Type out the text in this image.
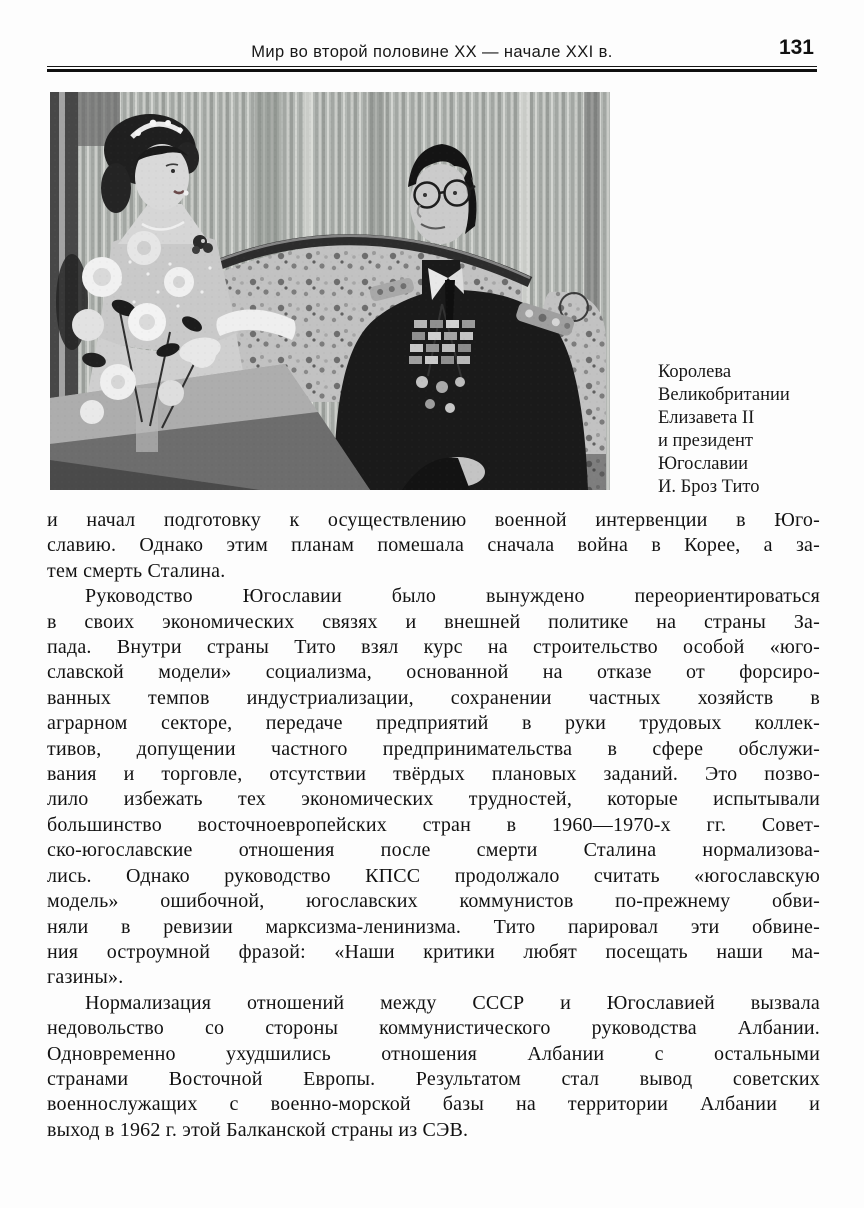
Мир во второй половине XX — начале XXI в.	131
Королева
Великобритании
Елизавета II
и президент
Югославии
И. Броз Тито

и начал подготовку к осуществлению военной интервенции в Юго-
славию. Однако этим планам помешала сначала война в Корее, а за-
тем смерть Сталина.

Руководство Югославии было вынуждено переориентироваться
в своих экономических связях и внешней политике на страны За-
пада. Внутри страны Тито взял курс на строительство особой «юго-
славской модели» социализма, основанной на отказе от форсиро-
ванных темпов индустриализации, сохранении частных хозяйств в
аграрном секторе, передаче предприятий в руки трудовых коллек-
тивов, допущении частного предпринимательства в сфере обслужи-
вания и торговле, отсутствии твёрдых плановых заданий. Это позво-
лило избежать тех экономических трудностей, которые испытывали
большинство восточноевропейских стран в 1960—1970-х гг. Совет-
ско-югославские отношения после смерти Сталина нормализова-
лись. Однако руководство КПСС продолжало считать «югославскую
модель» ошибочной, югославских коммунистов по-прежнему обви-
няли в ревизии марксизма-ленинизма. Тито парировал эти обвине-
ния остроумной фразой: «Наши критики любят посещать наши ма-
газины».

Нормализация отношений между СССР и Югославией вызвала
недовольство со стороны коммунистического руководства Албании.
Одновременно ухудшились отношения Албании с остальными
странами Восточной Европы. Результатом стал вывод советских
военнослужащих с военно-морской базы на территории Албании и
выход в 1962 г. этой Балканской страны из СЭВ.
